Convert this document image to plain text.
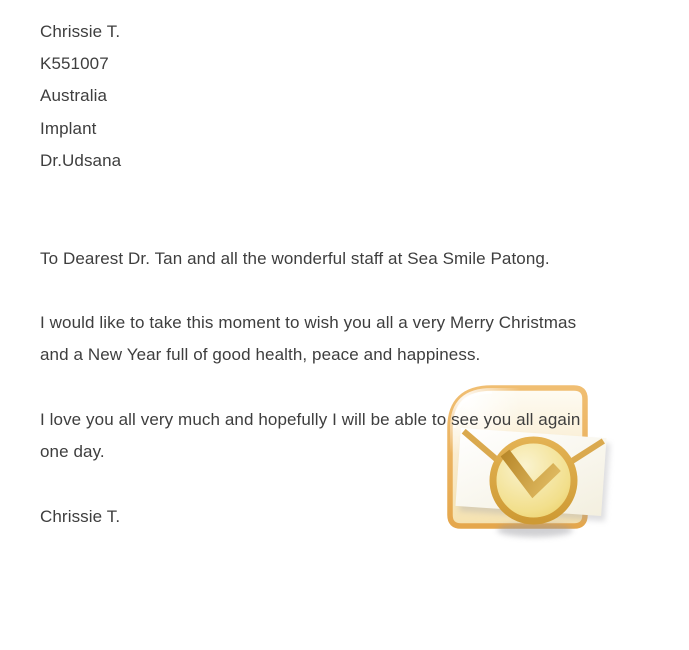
Chrissie T.
K551007
Australia
Implant
Dr.Udsana
To Dearest Dr. Tan and all the wonderful staff at Sea Smile Patong.
I would like to take this moment to wish you all a very Merry Christmas
and a New Year full of good health, peace and happiness.
I love you all very much and hopefully I will be able to see you all again
one day.
Chrissie T.
